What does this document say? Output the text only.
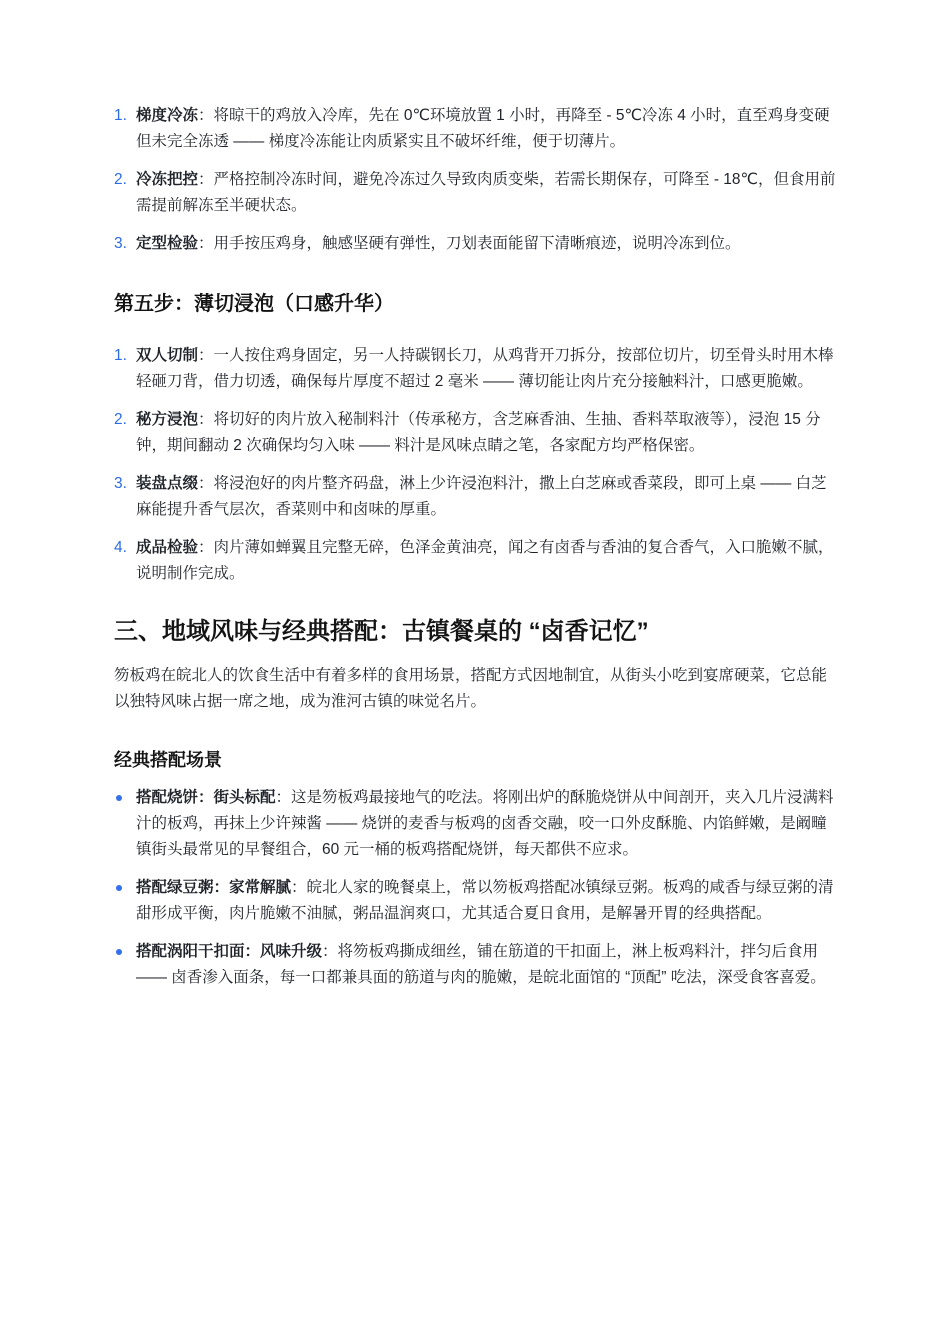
1. 梯度冷冻：将晾干的鸡放入冷库，先在 0℃环境放置 1 小时，再降至 - 5℃冷冻 4 小时，直至鸡身变硬但未完全冻透 —— 梯度冷冻能让肉质紧实且不破坏纤维，便于切薄片。
2. 冷冻把控：严格控制冷冻时间，避免冷冻过久导致肉质变柴，若需长期保存，可降至 - 18℃，但食用前需提前解冻至半硬状态。
3. 定型检验：用手按压鸡身，触感坚硬有弹性，刀划表面能留下清晰痕迹，说明冷冻到位。
第五步：薄切浸泡（口感升华）
1. 双人切制：一人按住鸡身固定，另一人持碳钢长刀，从鸡背开刀拆分，按部位切片，切至骨头时用木棒轻砸刀背，借力切透，确保每片厚度不超过 2 毫米 —— 薄切能让肉片充分接触料汁，口感更脆嫩。
2. 秘方浸泡：将切好的肉片放入秘制料汁（传承秘方，含芝麻香油、生抽、香料萃取液等），浸泡 15 分钟，期间翻动 2 次确保均匀入味 —— 料汁是风味点睛之笔，各家配方均严格保密。
3. 装盘点缀：将浸泡好的肉片整齐码盘，淋上少许浸泡料汁，撒上白芝麻或香菜段，即可上桌 —— 白芝麻能提升香气层次，香菜则中和卤味的厚重。
4. 成品检验：肉片薄如蝉翼且完整无碎，色泽金黄油亮，闻之有卤香与香油的复合香气，入口脆嫩不腻，说明制作完成。
三、地域风味与经典搭配：古镇餐桌的 “卤香记忆”

笏板鸡在皖北人的饮食生活中有着多样的食用场景，搭配方式因地制宜，从街头小吃到宴席硬菜，它总能以独特风味占据一席之地，成为淮河古镇的味觉名片。

经典搭配场景
搭配烧饼：街头标配：这是笏板鸡最接地气的吃法。将刚出炉的酥脆烧饼从中间剖开，夹入几片浸满料汁的板鸡，再抹上少许辣酱 —— 烧饼的麦香与板鸡的卤香交融，咬一口外皮酥脆、内馅鲜嫩，是阚疃镇街头最常见的早餐组合，60 元一桶的板鸡搭配烧饼，每天都供不应求。
搭配绿豆粥：家常解腻：皖北人家的晚餐桌上，常以笏板鸡搭配冰镇绿豆粥。板鸡的咸香与绿豆粥的清甜形成平衡，肉片脆嫩不油腻，粥品温润爽口，尤其适合夏日食用，是解暑开胃的经典搭配。
搭配涡阳干扣面：风味升级：将笏板鸡撕成细丝，铺在筋道的干扣面上，淋上板鸡料汁，拌匀后食用 —— 卤香渗入面条，每一口都兼具面的筋道与肉的脆嫩，是皖北面馆的 “顶配” 吃法，深受食客喜爱。
